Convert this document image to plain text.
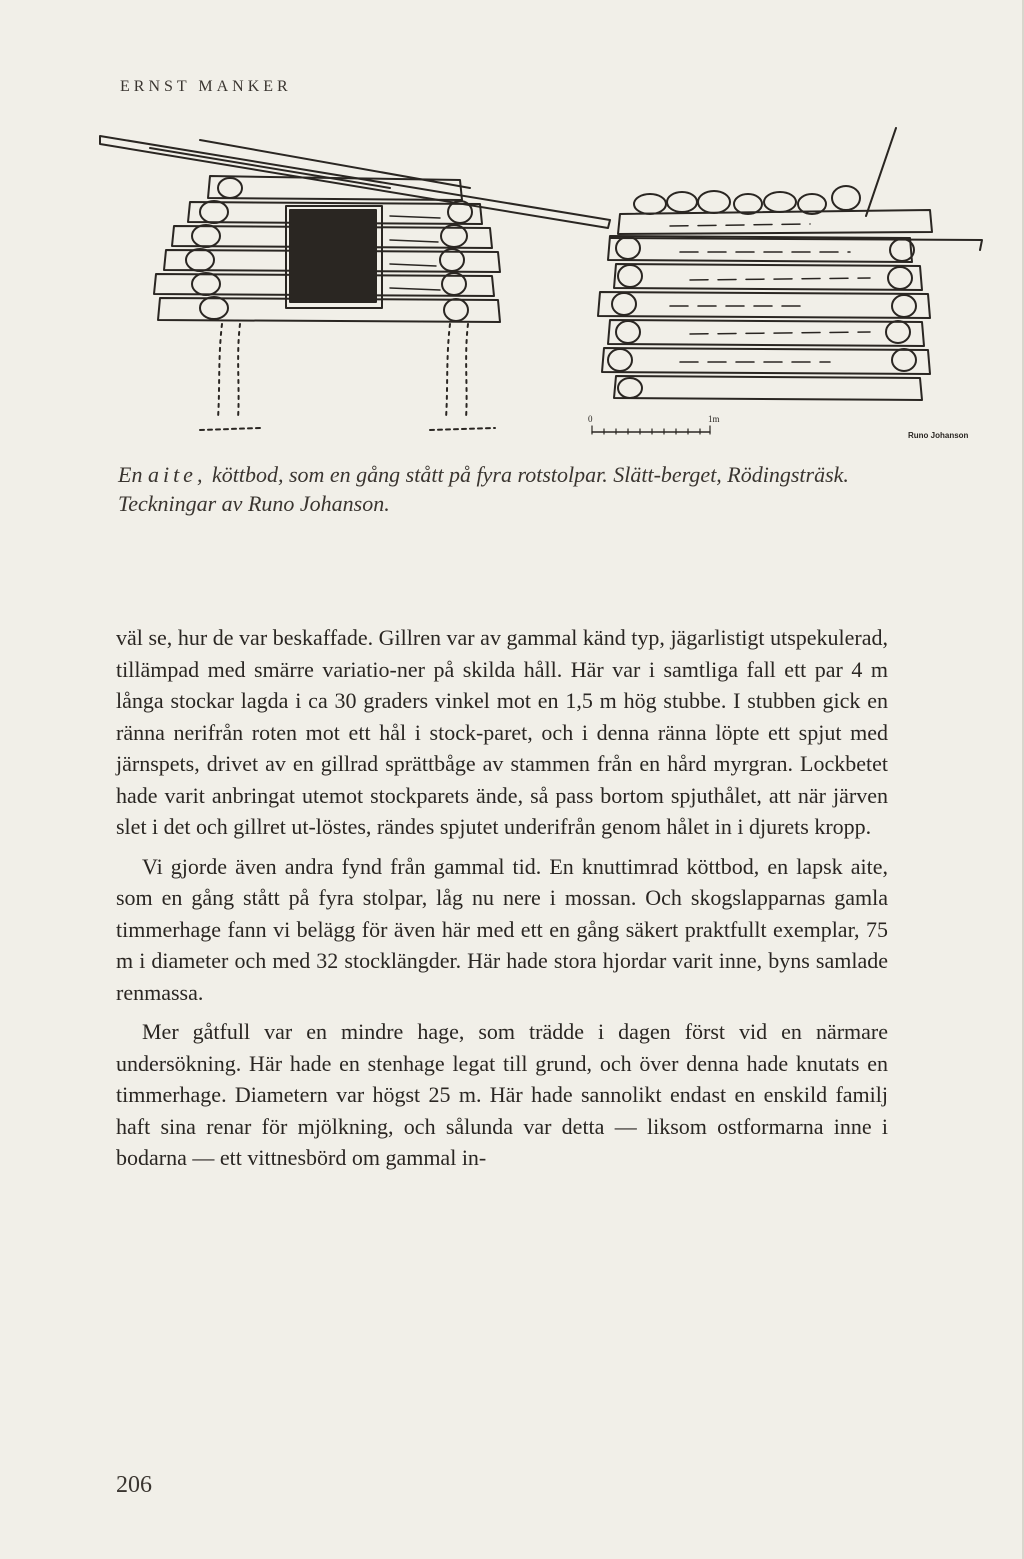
ERNST MANKER
0	1m
Runo Johanson
En aite, köttbod, som en gång stått på fyra rotstolpar. Slätt-berget, Rödingsträsk. Teckningar av Runo Johanson.

väl se, hur de var beskaffade. Gillren var av gammal känd typ, jägarlistigt utspekulerad, tillämpad med smärre variatio-ner på skilda håll. Här var i samtliga fall ett par 4 m långa stockar lagda i ca 30 graders vinkel mot en 1,5 m hög stubbe. I stubben gick en ränna nerifrån roten mot ett hål i stock-paret, och i denna ränna löpte ett spjut med järnspets, drivet av en gillrad sprättbåge av stammen från en hård myrgran. Lockbetet hade varit anbringat utemot stockparets ände, så pass bortom spjuthålet, att när järven slet i det och gillret ut-löstes, rändes spjutet underifrån genom hålet in i djurets kropp.

Vi gjorde även andra fynd från gammal tid. En knuttimrad köttbod, en lapsk aite, som en gång stått på fyra stolpar, låg nu nere i mossan. Och skogslapparnas gamla timmerhage fann vi belägg för även här med ett en gång säkert praktfullt exemplar, 75 m i diameter och med 32 stocklängder. Här hade stora hjordar varit inne, byns samlade renmassa.

Mer gåtfull var en mindre hage, som trädde i dagen först vid en närmare undersökning. Här hade en stenhage legat till grund, och över denna hade knutats en timmerhage. Diametern var högst 25 m. Här hade sannolikt endast en enskild familj haft sina renar för mjölkning, och sålunda var detta — liksom ostformarna inne i bodarna — ett vittnesbörd om gammal in-

206
